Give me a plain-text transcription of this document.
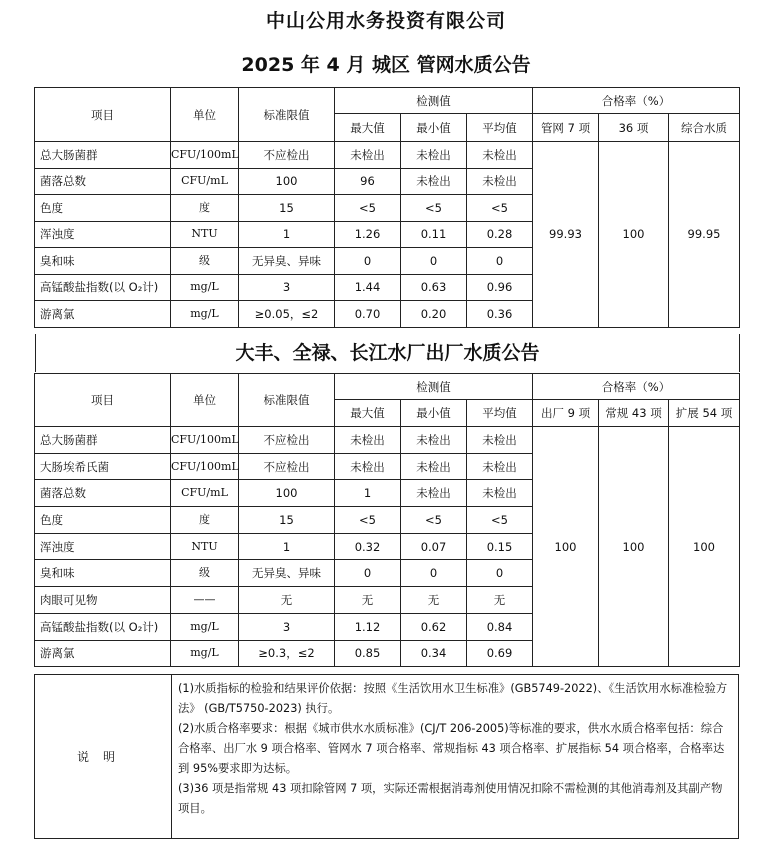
中山公用水务投资有限公司
2025 年 4 月 城区 管网水质公告
项目	单位	标准限值	检测值			合格率（%）		
			最大值	最小值	平均值	管网 7 项	36 项	综合水质
总大肠菌群	CFU/100mL	不应检出	未检出	未检出	未检出	99.93	100	99.95
菌落总数	CFU/mL	100	96	未检出	未检出			
色度	度	15	<5	<5	<5			
浑浊度	NTU	1	1.26	0.11	0.28			
臭和味	级	无异臭、异味	0	0	0			
高锰酸盐指数(以 O₂计)	mg/L	3	1.44	0.63	0.96			
游离氯	mg/L	≥0.05，≤2	0.70	0.20	0.36			
大丰、全禄、长江水厂出厂水质公告
项目	单位	标准限值	检测值			合格率（%）		
			最大值	最小值	平均值	出厂 9 项	常规 43 项	扩展 54 项
总大肠菌群	CFU/100mL	不应检出	未检出	未检出	未检出	100	100	100
大肠埃希氏菌	CFU/100mL	不应检出	未检出	未检出	未检出			
菌落总数	CFU/mL	100	1	未检出	未检出			
色度	度	15	<5	<5	<5			
浑浊度	NTU	1	0.32	0.07	0.15			
臭和味	级	无异臭、异味	0	0	0			
肉眼可见物	——	无	无	无	无			
高锰酸盐指数(以 O₂计)	mg/L	3	1.12	0.62	0.84			
游离氯	mg/L	≥0.3，≤2	0.85	0.34	0.69			
说明

(1)水质指标的检验和结果评价依据：按照《生活饮用水卫生标准》(GB5749-2022)、《生活饮用水标准检验方法》 (GB/T5750-2023) 执行。

(2)水质合格率要求：根据《城市供水水质标准》(CJ/T 206-2005)等标准的要求，供水水质合格率包括：综合合格率、出厂水 9 项合格率、管网水 7 项合格率、常规指标 43 项合格率、扩展指标 54 项合格率，合格率达到 95%要求即为达标。

(3)36 项是指常规 43 项扣除管网 7 项，实际还需根据消毒剂使用情况扣除不需检测的其他消毒剂及其副产物项目。
